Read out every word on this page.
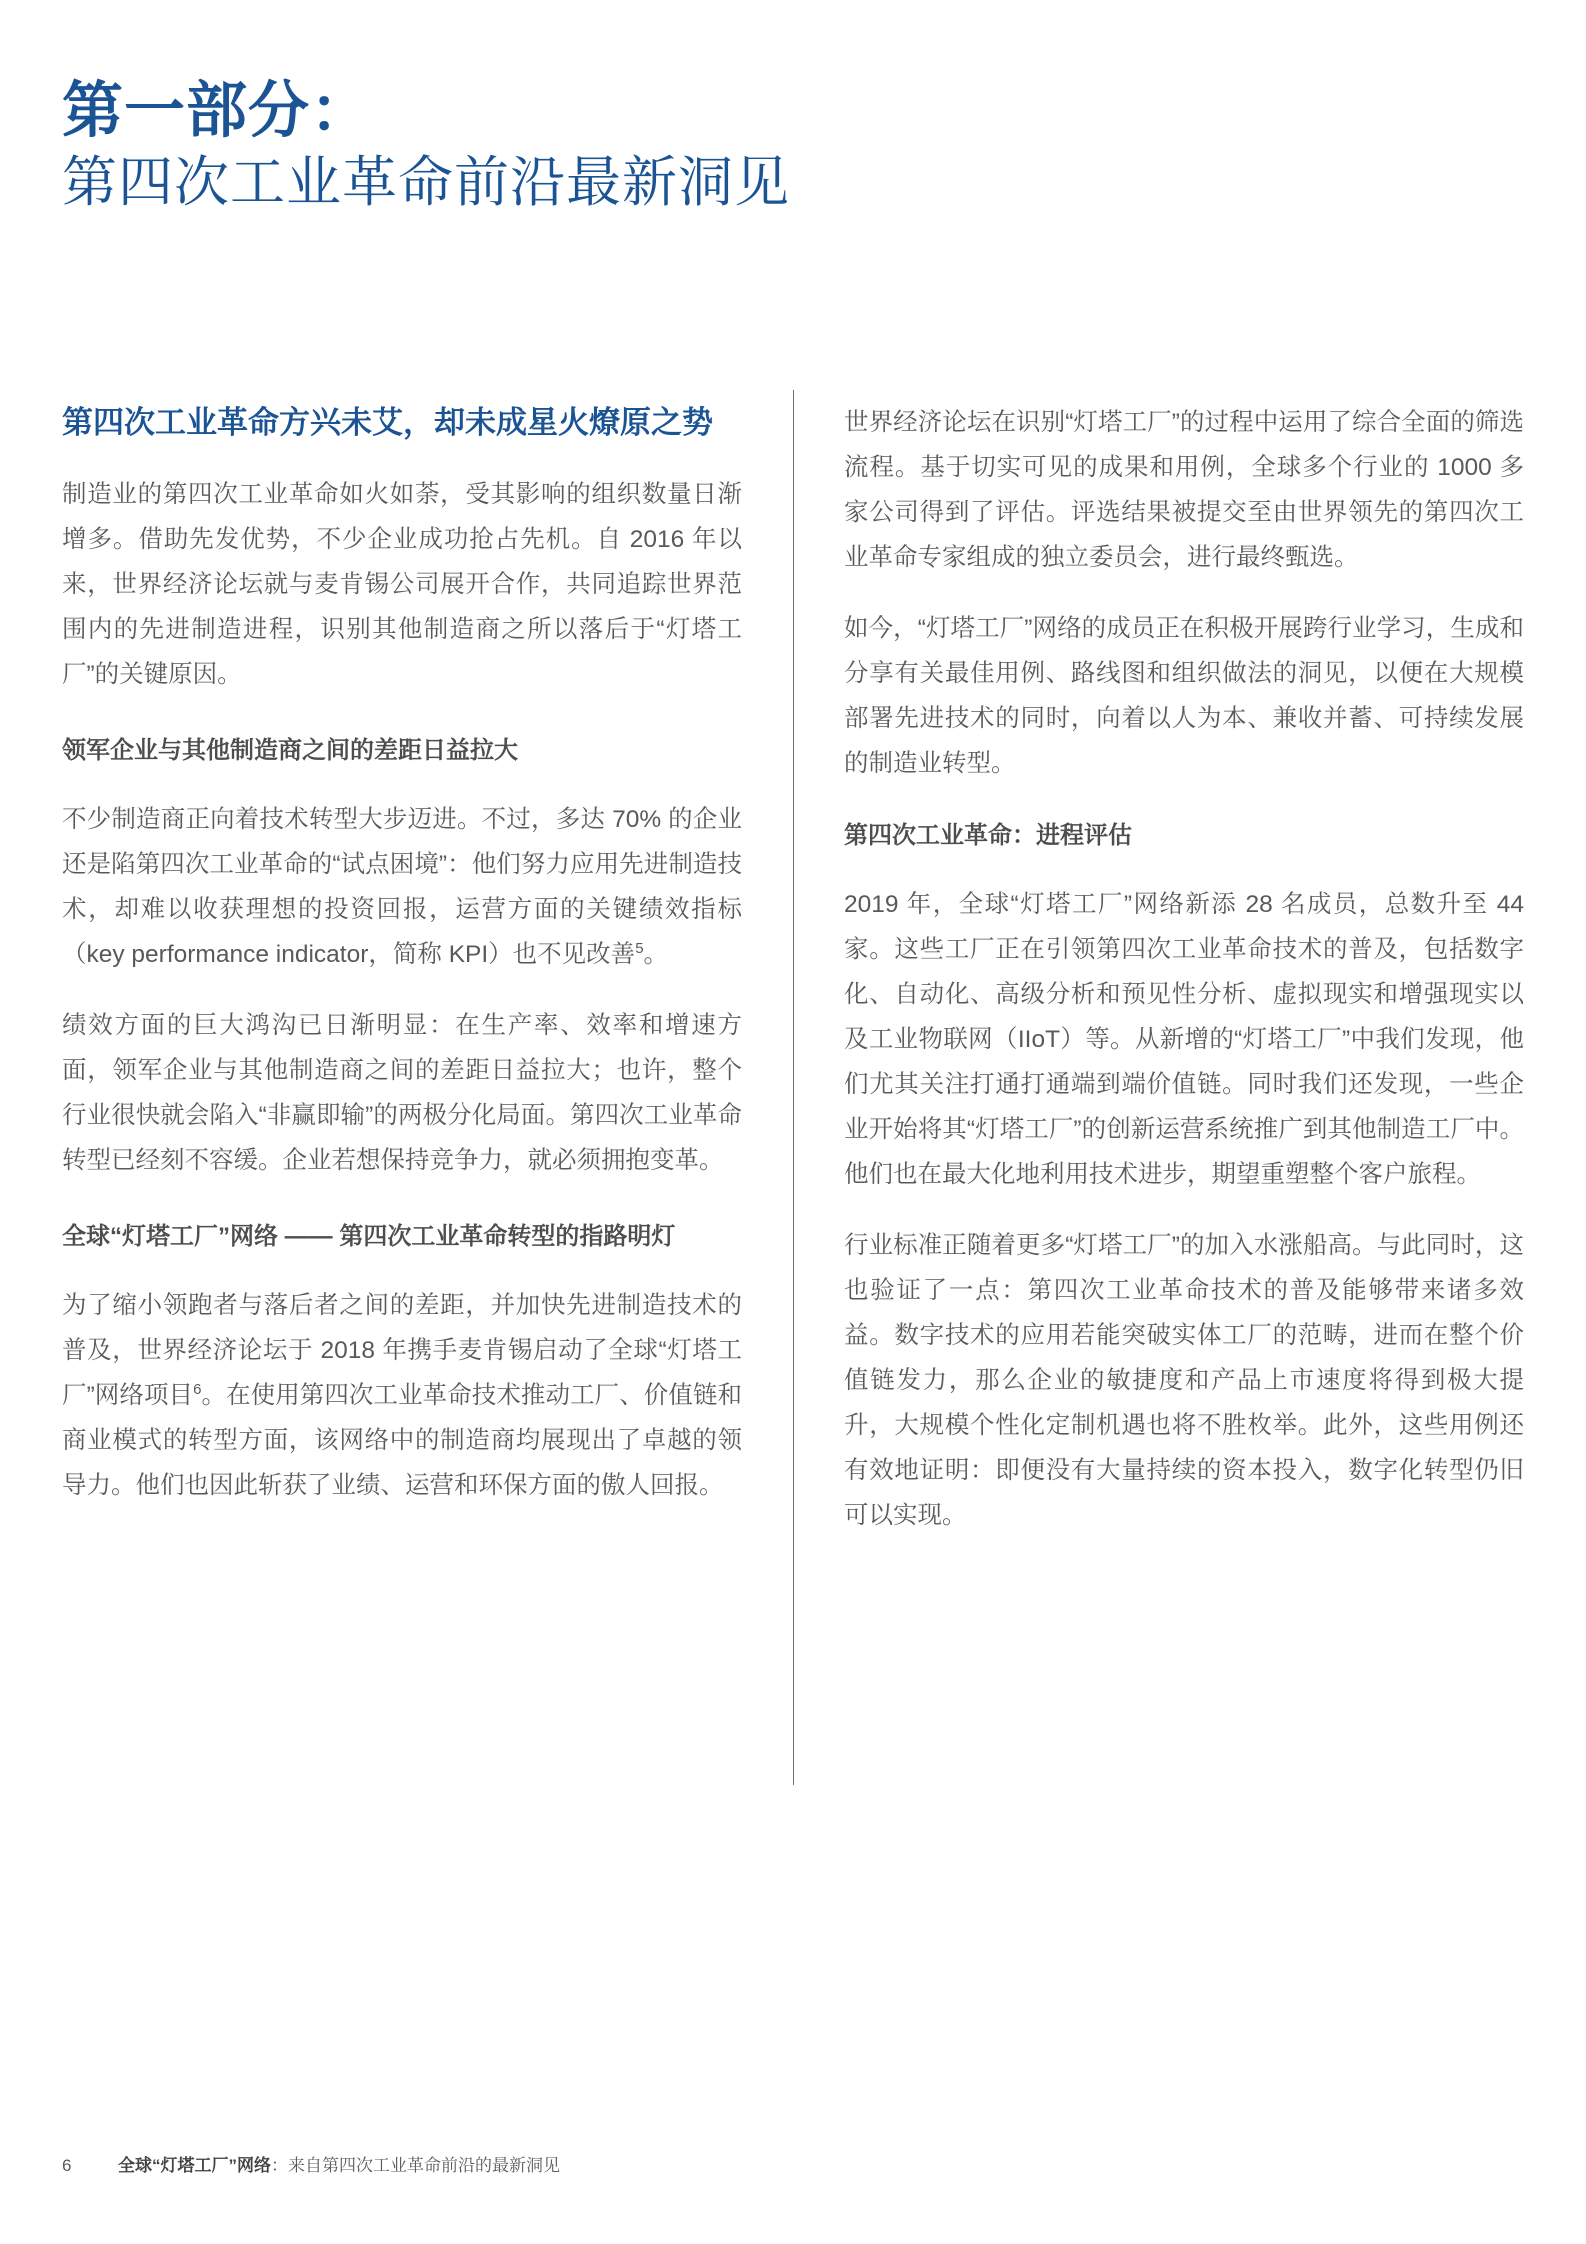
第一部分：
第四次工业革命前沿最新洞见
第四次工业革命方兴未艾，却未成星火燎原之势

制造业的第四次工业革命如火如荼，受其影响的组织数量日渐增多。借助先发优势，不少企业成功抢占先机。自 2016 年以来，世界经济论坛就与麦肯锡公司展开合作，共同追踪世界范围内的先进制造进程，识别其他制造商之所以落后于“灯塔工厂”的关键原因。

领军企业与其他制造商之间的差距日益拉大

不少制造商正向着技术转型大步迈进。不过，多达 70% 的企业还是陷第四次工业革命的“试点困境”：他们努力应用先进制造技术，却难以收获理想的投资回报，运营方面的关键绩效指标（key performance indicator，简称 KPI）也不见改善$^5$。

绩效方面的巨大鸿沟已日渐明显：在生产率、效率和增速方面，领军企业与其他制造商之间的差距日益拉大；也许，整个行业很快就会陷入“非赢即输”的两极分化局面。第四次工业革命转型已经刻不容缓。企业若想保持竞争力，就必须拥抱变革。

全球“灯塔工厂”网络 —— 第四次工业革命转型的指路明灯

为了缩小领跑者与落后者之间的差距，并加快先进制造技术的普及，世界经济论坛于 2018 年携手麦肯锡启动了全球“灯塔工厂”网络项目$^6$。在使用第四次工业革命技术推动工厂、价值链和商业模式的转型方面，该网络中的制造商均展现出了卓越的领导力。他们也因此斩获了业绩、运营和环保方面的傲人回报。

世界经济论坛在识别“灯塔工厂”的过程中运用了综合全面的筛选流程。基于切实可见的成果和用例，全球多个行业的 1000 多家公司得到了评估。评选结果被提交至由世界领先的第四次工业革命专家组成的独立委员会，进行最终甄选。

如今，“灯塔工厂”网络的成员正在积极开展跨行业学习，生成和分享有关最佳用例、路线图和组织做法的洞见，以便在大规模部署先进技术的同时，向着以人为本、兼收并蓄、可持续发展的制造业转型。

第四次工业革命：进程评估

2019 年，全球“灯塔工厂”网络新添 28 名成员，总数升至 44 家。这些工厂正在引领第四次工业革命技术的普及，包括数字化、自动化、高级分析和预见性分析、虚拟现实和增强现实以及工业物联网（IIoT）等。从新增的“灯塔工厂”中我们发现，他们尤其关注打通打通端到端价值链。同时我们还发现，一些企业开始将其“灯塔工厂”的创新运营系统推广到其他制造工厂中。他们也在最大化地利用技术进步，期望重塑整个客户旅程。

行业标准正随着更多“灯塔工厂”的加入水涨船高。与此同时，这也验证了一点：第四次工业革命技术的普及能够带来诸多效益。数字技术的应用若能突破实体工厂的范畴，进而在整个价值链发力，那么企业的敏捷度和产品上市速度将得到极大提升，大规模个性化定制机遇也将不胜枚举。此外，这些用例还有效地证明：即便没有大量持续的资本投入，数字化转型仍旧可以实现。

6	全球“灯塔工厂”网络：来自第四次工业革命前沿的最新洞见
